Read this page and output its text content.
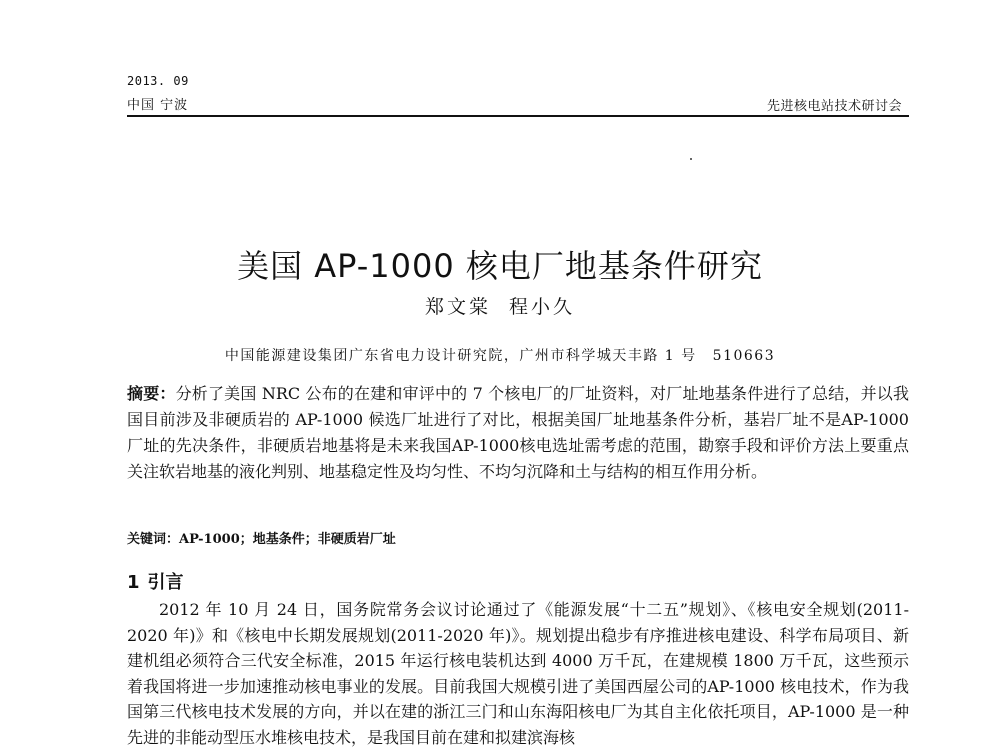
2013. 09
中国 宁波	先进核电站技术研讨会
美国 AP-1000 核电厂地基条件研究
郑文棠 程小久
中国能源建设集团广东省电力设计研究院，广州市科学城天丰路 1 号 510663
摘要：分析了美国 NRC 公布的在建和审评中的 7 个核电厂的厂址资料，对厂址地基条件进行了总结，并以我国目前涉及非硬质岩的 AP-1000 候选厂址进行了对比，根据美国厂址地基条件分析，基岩厂址不是AP-1000厂址的先决条件，非硬质岩地基将是未来我国AP-1000核电选址需考虑的范围，勘察手段和评价方法上要重点关注软岩地基的液化判别、地基稳定性及均匀性、不均匀沉降和土与结构的相互作用分析。
关键词：AP-1000；地基条件；非硬质岩厂址
1 引言
2012 年 10 月 24 日，国务院常务会议讨论通过了《能源发展“十二五”规划》、《核电安全规划(2011-2020 年)》和《核电中长期发展规划(2011-2020 年)》。规划提出稳步有序推进核电建设、科学布局项目、新建机组必须符合三代安全标准，2015 年运行核电装机达到 4000 万千瓦，在建规模 1800 万千瓦，这些预示着我国将进一步加速推动核电事业的发展。目前我国大规模引进了美国西屋公司的AP-1000 核电技术，作为我国第三代核电技术发展的方向，并以在建的浙江三门和山东海阳核电厂为其自主化依托项目，AP-1000 是一种先进的非能动型压水堆核电技术，是我国目前在建和拟建滨海核
